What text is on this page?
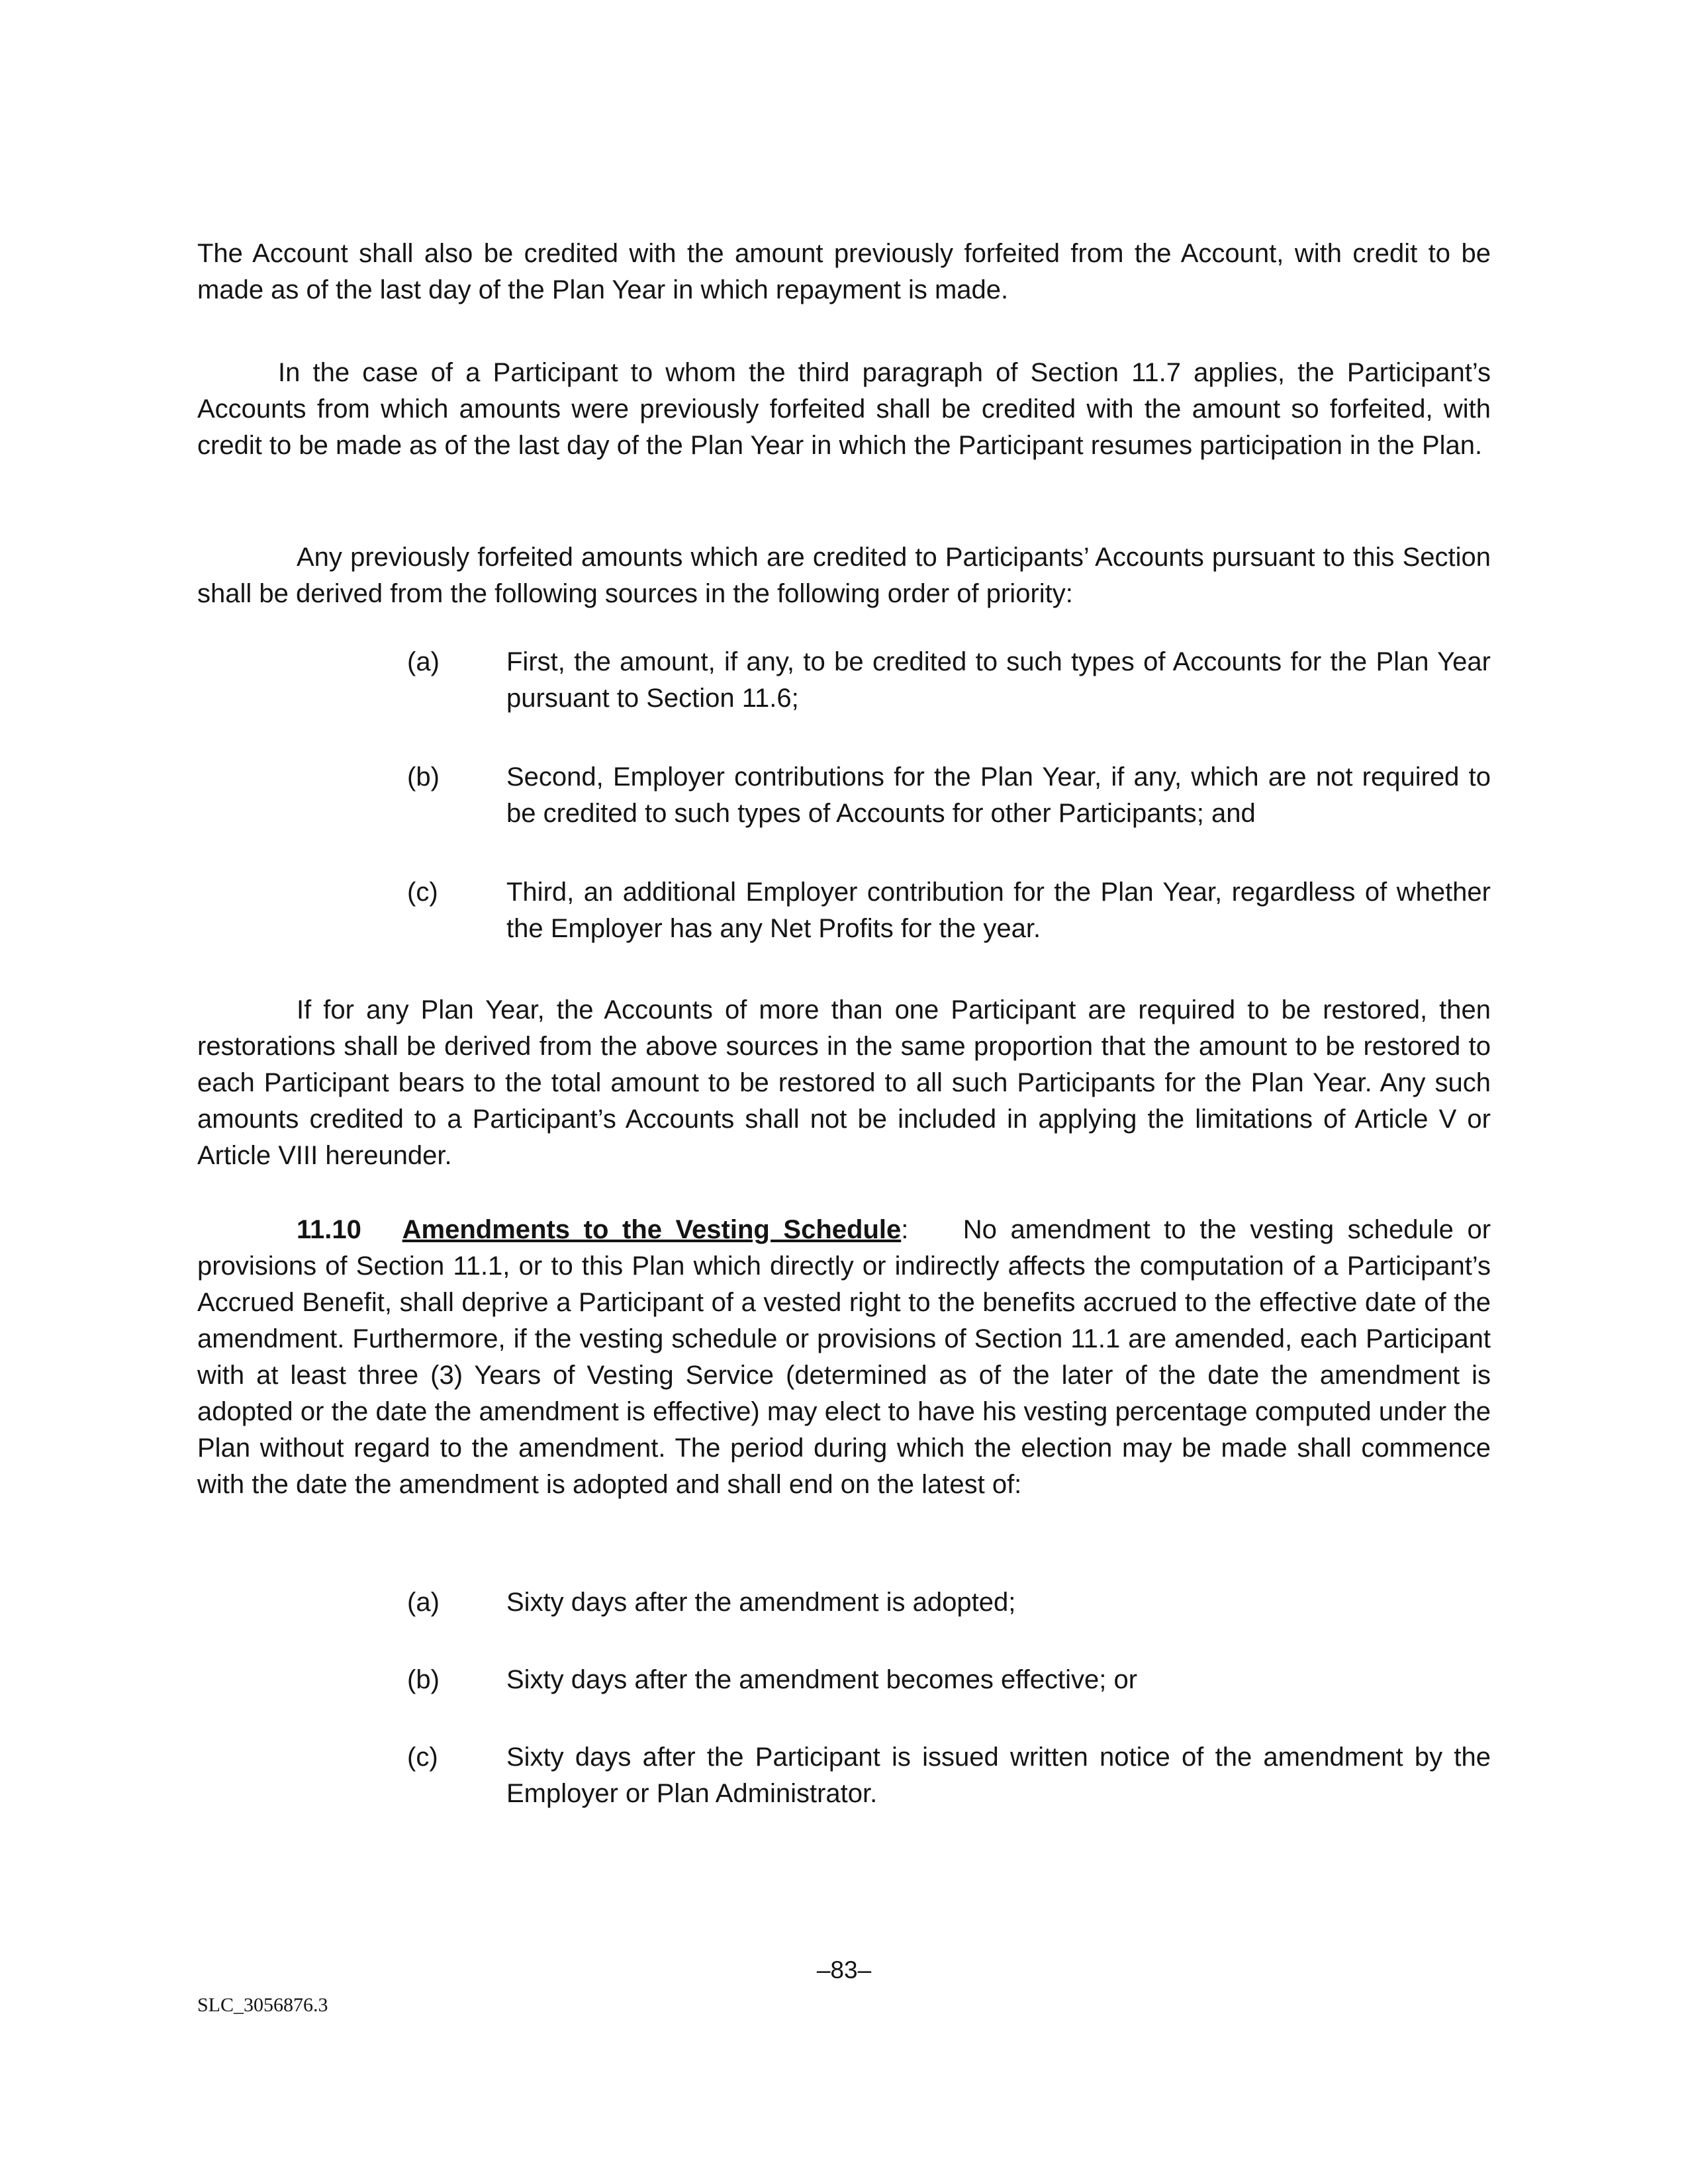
The Account shall also be credited with the amount previously forfeited from the Account, with credit to be made as of the last day of the Plan Year in which repayment is made.

In the case of a Participant to whom the third paragraph of Section 11.7 applies, the Participant’s Accounts from which amounts were previously forfeited shall be credited with the amount so forfeited, with credit to be made as of the last day of the Plan Year in which the Participant resumes participation in the Plan.

Any previously forfeited amounts which are credited to Participants’ Accounts pursuant to this Section shall be derived from the following sources in the following order of priority:

(a)	First, the amount, if any, to be credited to such types of Accounts for the Plan Year pursuant to Section 11.6;
(b)	Second, Employer contributions for the Plan Year, if any, which are not required to be credited to such types of Accounts for other Participants; and
(c)	Third, an additional Employer contribution for the Plan Year, regardless of whether the Employer has any Net Profits for the year.

If for any Plan Year, the Accounts of more than one Participant are required to be restored, then restorations shall be derived from the above sources in the same proportion that the amount to be restored to each Participant bears to the total amount to be restored to all such Participants for the Plan Year. Any such amounts credited to a Participant’s Accounts shall not be included in applying the limitations of Article V or Article VIII hereunder.

11.10 Amendments to the Vesting Schedule: No amendment to the vesting schedule or provisions of Section 11.1, or to this Plan which directly or indirectly affects the computation of a Participant’s Accrued Benefit, shall deprive a Participant of a vested right to the benefits accrued to the effective date of the amendment. Furthermore, if the vesting schedule or provisions of Section 11.1 are amended, each Participant with at least three (3) Years of Vesting Service (determined as of the later of the date the amendment is adopted or the date the amendment is effective) may elect to have his vesting percentage computed under the Plan without regard to the amendment. The period during which the election may be made shall commence with the date the amendment is adopted and shall end on the latest of:

(a)	Sixty days after the amendment is adopted;
(b)	Sixty days after the amendment becomes effective; or
(c)	Sixty days after the Participant is issued written notice of the amendment by the Employer or Plan Administrator.
–83–
SLC_3056876.3
